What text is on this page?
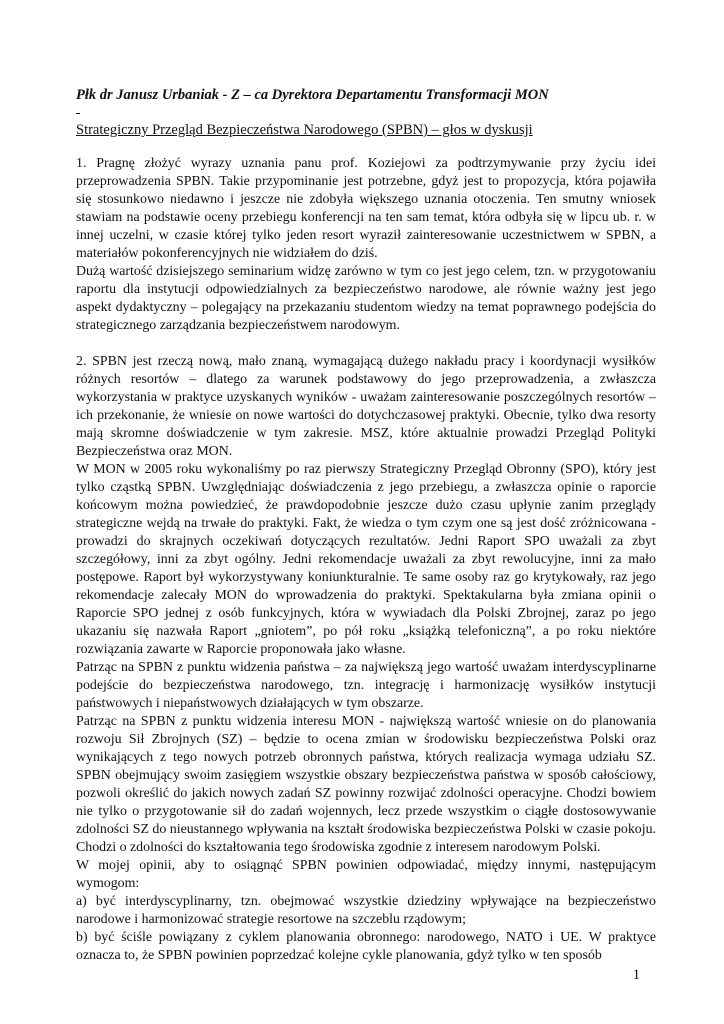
Płk dr Janusz Urbaniak - Z – ca Dyrektora Departamentu Transformacji MON
Strategiczny Przegląd Bezpieczeństwa Narodowego (SPBN) – głos w dyskusji

1. Pragnę złożyć wyrazy uznania panu prof. Koziejowi za podtrzymywanie przy życiu idei przeprowadzenia SPBN. Takie przypominanie jest potrzebne, gdyż jest to propozycja, która pojawiła się stosunkowo niedawno i jeszcze nie zdobyła większego uznania otoczenia. Ten smutny wniosek stawiam na podstawie oceny przebiegu konferencji na ten sam temat, która odbyła się w lipcu ub. r. w innej uczelni, w czasie której tylko jeden resort wyraził zainteresowanie uczestnictwem w SPBN, a materiałów pokonferencyjnych nie widziałem do dziś.

Dużą wartość dzisiejszego seminarium widzę zarówno w tym co jest jego celem, tzn. w przygotowaniu raportu dla instytucji odpowiedzialnych za bezpieczeństwo narodowe, ale równie ważny jest jego aspekt dydaktyczny – polegający na przekazaniu studentom wiedzy na temat poprawnego podejścia do strategicznego zarządzania bezpieczeństwem narodowym.

2. SPBN jest rzeczą nową, mało znaną, wymagającą dużego nakładu pracy i koordynacji wysiłków różnych resortów – dlatego za warunek podstawowy do jego przeprowadzenia, a zwłaszcza wykorzystania w praktyce uzyskanych wyników - uważam zainteresowanie poszczególnych resortów – ich przekonanie, że wniesie on nowe wartości do dotychczasowej praktyki. Obecnie, tylko dwa resorty mają skromne doświadczenie w tym zakresie. MSZ, które aktualnie prowadzi Przegląd Polityki Bezpieczeństwa oraz MON.

W MON w 2005 roku wykonaliśmy po raz pierwszy Strategiczny Przegląd Obronny (SPO), który jest tylko cząstką SPBN. Uwzględniając doświadczenia z jego przebiegu, a zwłaszcza opinie o raporcie końcowym można powiedzieć, że prawdopodobnie jeszcze dużo czasu upłynie zanim przeglądy strategiczne wejdą na trwałe do praktyki. Fakt, że wiedza o tym czym one są jest dość zróżnicowana - prowadzi do skrajnych oczekiwań dotyczących rezultatów. Jedni Raport SPO uważali za zbyt szczegółowy, inni za zbyt ogólny. Jedni rekomendacje uważali za zbyt rewolucyjne, inni za mało postępowe. Raport był wykorzystywany koniunkturalnie. Te same osoby raz go krytykowały, raz jego rekomendacje zalecały MON do wprowadzenia do praktyki. Spektakularna była zmiana opinii o Raporcie SPO jednej z osób funkcyjnych, która w wywiadach dla Polski Zbrojnej, zaraz po jego ukazaniu się nazwała Raport „gniotem”, po pół roku „książką telefoniczną”, a po roku niektóre rozwiązania zawarte w Raporcie proponowała jako własne.

Patrząc na SPBN z punktu widzenia państwa – za największą jego wartość uważam interdyscyplinarne podejście do bezpieczeństwa narodowego, tzn. integrację i harmonizację wysiłków instytucji państwowych i niepaństwowych działających w tym obszarze.

Patrząc na SPBN z punktu widzenia interesu MON - największą wartość wniesie on do planowania rozwoju Sił Zbrojnych (SZ) – będzie to ocena zmian w środowisku bezpieczeństwa Polski oraz wynikających z tego nowych potrzeb obronnych państwa, których realizacja wymaga udziału SZ. SPBN obejmujący swoim zasięgiem wszystkie obszary bezpieczeństwa państwa w sposób całościowy, pozwoli określić do jakich nowych zadań SZ powinny rozwijać zdolności operacyjne. Chodzi bowiem nie tylko o przygotowanie sił do zadań wojennych, lecz przede wszystkim o ciągłe dostosowywanie zdolności SZ do nieustannego wpływania na kształt środowiska bezpieczeństwa Polski w czasie pokoju. Chodzi o zdolności do kształtowania tego środowiska zgodnie z interesem narodowym Polski.

W mojej opinii, aby to osiągnąć SPBN powinien odpowiadać, między innymi, następującym wymogom:

a) być interdyscyplinarny, tzn. obejmować wszystkie dziedziny wpływające na bezpieczeństwo narodowe i harmonizować strategie resortowe na szczeblu rządowym;

b) być ściśle powiązany z cyklem planowania obronnego: narodowego, NATO i UE. W praktyce oznacza to, że SPBN powinien poprzedzać kolejne cykle planowania, gdyż tylko w ten sposób

1
